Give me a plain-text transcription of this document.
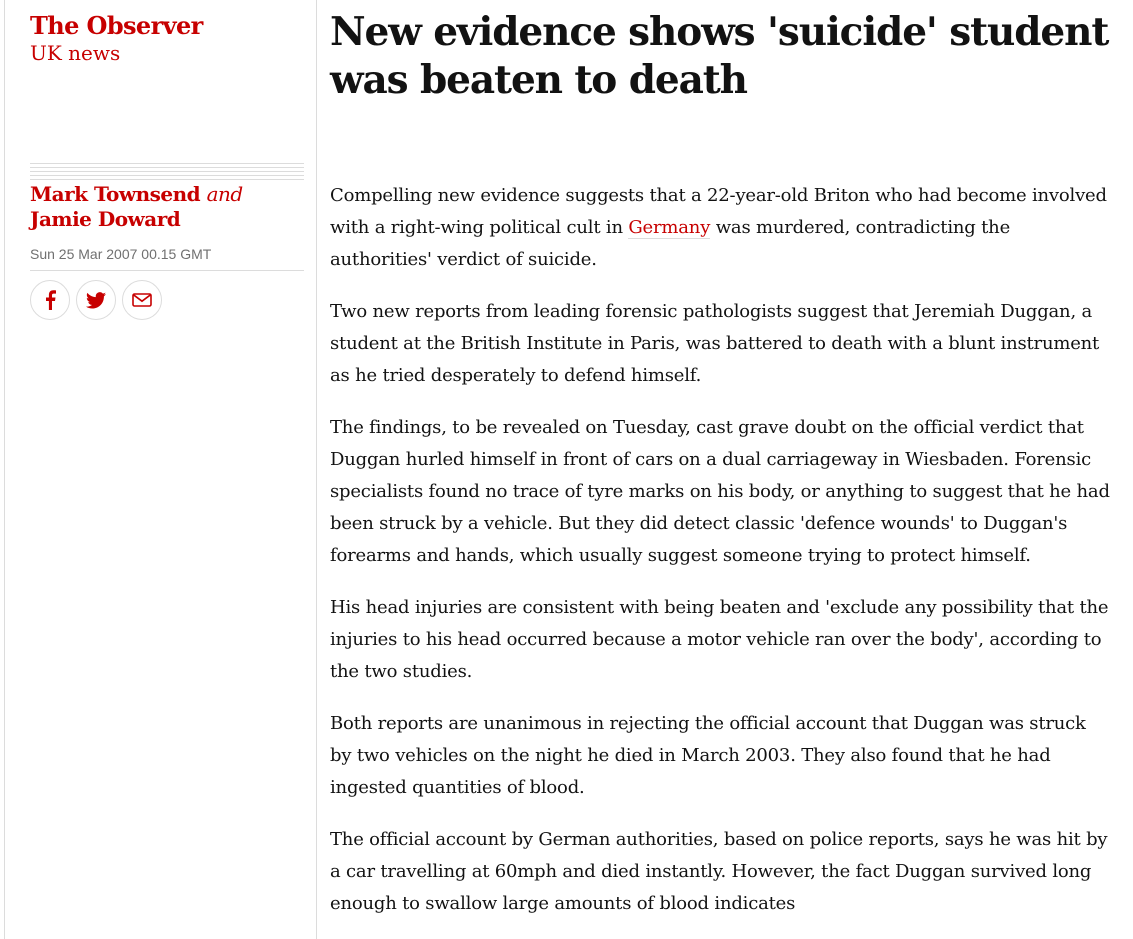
The Observer
UK news
Mark Townsend and Jamie Doward
Sun 25 Mar 2007 00.15 GMT
New evidence shows 'suicide' student was beaten to death

Compelling new evidence suggests that a 22-year-old Briton who had become involved with a right-wing political cult in Germany was murdered, contradicting the authorities' verdict of suicide.

Two new reports from leading forensic pathologists suggest that Jeremiah Duggan, a student at the British Institute in Paris, was battered to death with a blunt instrument as he tried desperately to defend himself.

The findings, to be revealed on Tuesday, cast grave doubt on the official verdict that Duggan hurled himself in front of cars on a dual carriageway in Wiesbaden. Forensic specialists found no trace of tyre marks on his body, or anything to suggest that he had been struck by a vehicle. But they did detect classic 'defence wounds' to Duggan's forearms and hands, which usually suggest someone trying to protect himself.

His head injuries are consistent with being beaten and 'exclude any possibility that the injuries to his head occurred because a motor vehicle ran over the body', according to the two studies.

Both reports are unanimous in rejecting the official account that Duggan was struck by two vehicles on the night he died in March 2003. They also found that he had ingested quantities of blood.

The official account by German authorities, based on police reports, says he was hit by a car travelling at 60mph and died instantly. However, the fact Duggan survived long enough to swallow large amounts of blood indicates
